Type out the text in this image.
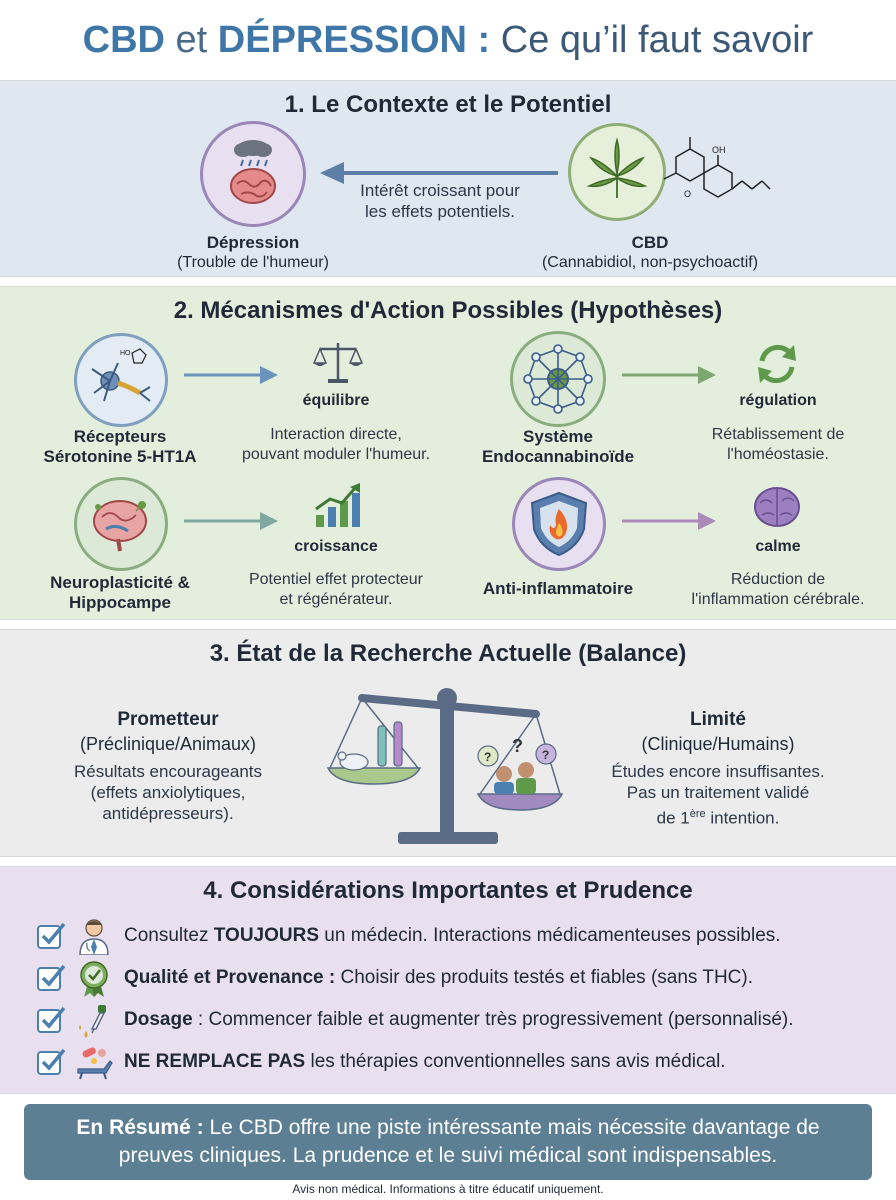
CBD et DÉPRESSION : Ce qu’il faut savoir
1. Le Contexte et le Potentiel
Dépression
(Trouble de l'humeur)
Intérêt croissant pour
les effets potentiels.
OH
O
CBD
(Cannabidiol, non-psychoactif)
2. Mécanismes d'Action Possibles (Hypothèses)
HO
Récepteurs
Sérotonine 5-HT1A
équilibre
Interaction directe,
pouvant moduler l'humeur.
Système
Endocannabinoïde
régulation
Rétablissement de
l'homéostasie.
Neuroplasticité &
Hippocampe
croissance
Potentiel effet protecteur
et régénérateur.
Anti-inflammatoire
calme
Réduction de
l'inflammation cérébrale.
3. État de la Recherche Actuelle (Balance)
Prometteur
(Préclinique/Animaux)
Résultats encourageants
(effets anxiolytiques,
antidépresseurs).
?	?
?
Limité
(Clinique/Humains)
Études encore insuffisantes.
Pas un traitement validé
de 1ère intention.
4. Considérations Importantes et Prudence
Consultez TOUJOURS un médecin. Interactions médicamenteuses possibles.
Qualité et Provenance : Choisir des produits testés et fiables (sans THC).
Dosage : Commencer faible et augmenter très progressivement (personnalisé).
NE REMPLACE PAS les thérapies conventionnelles sans avis médical.
En Résumé : Le CBD offre une piste intéressante mais nécessite davantage de
preuves cliniques. La prudence et le suivi médical sont indispensables.
Avis non médical. Informations à titre éducatif uniquement.
